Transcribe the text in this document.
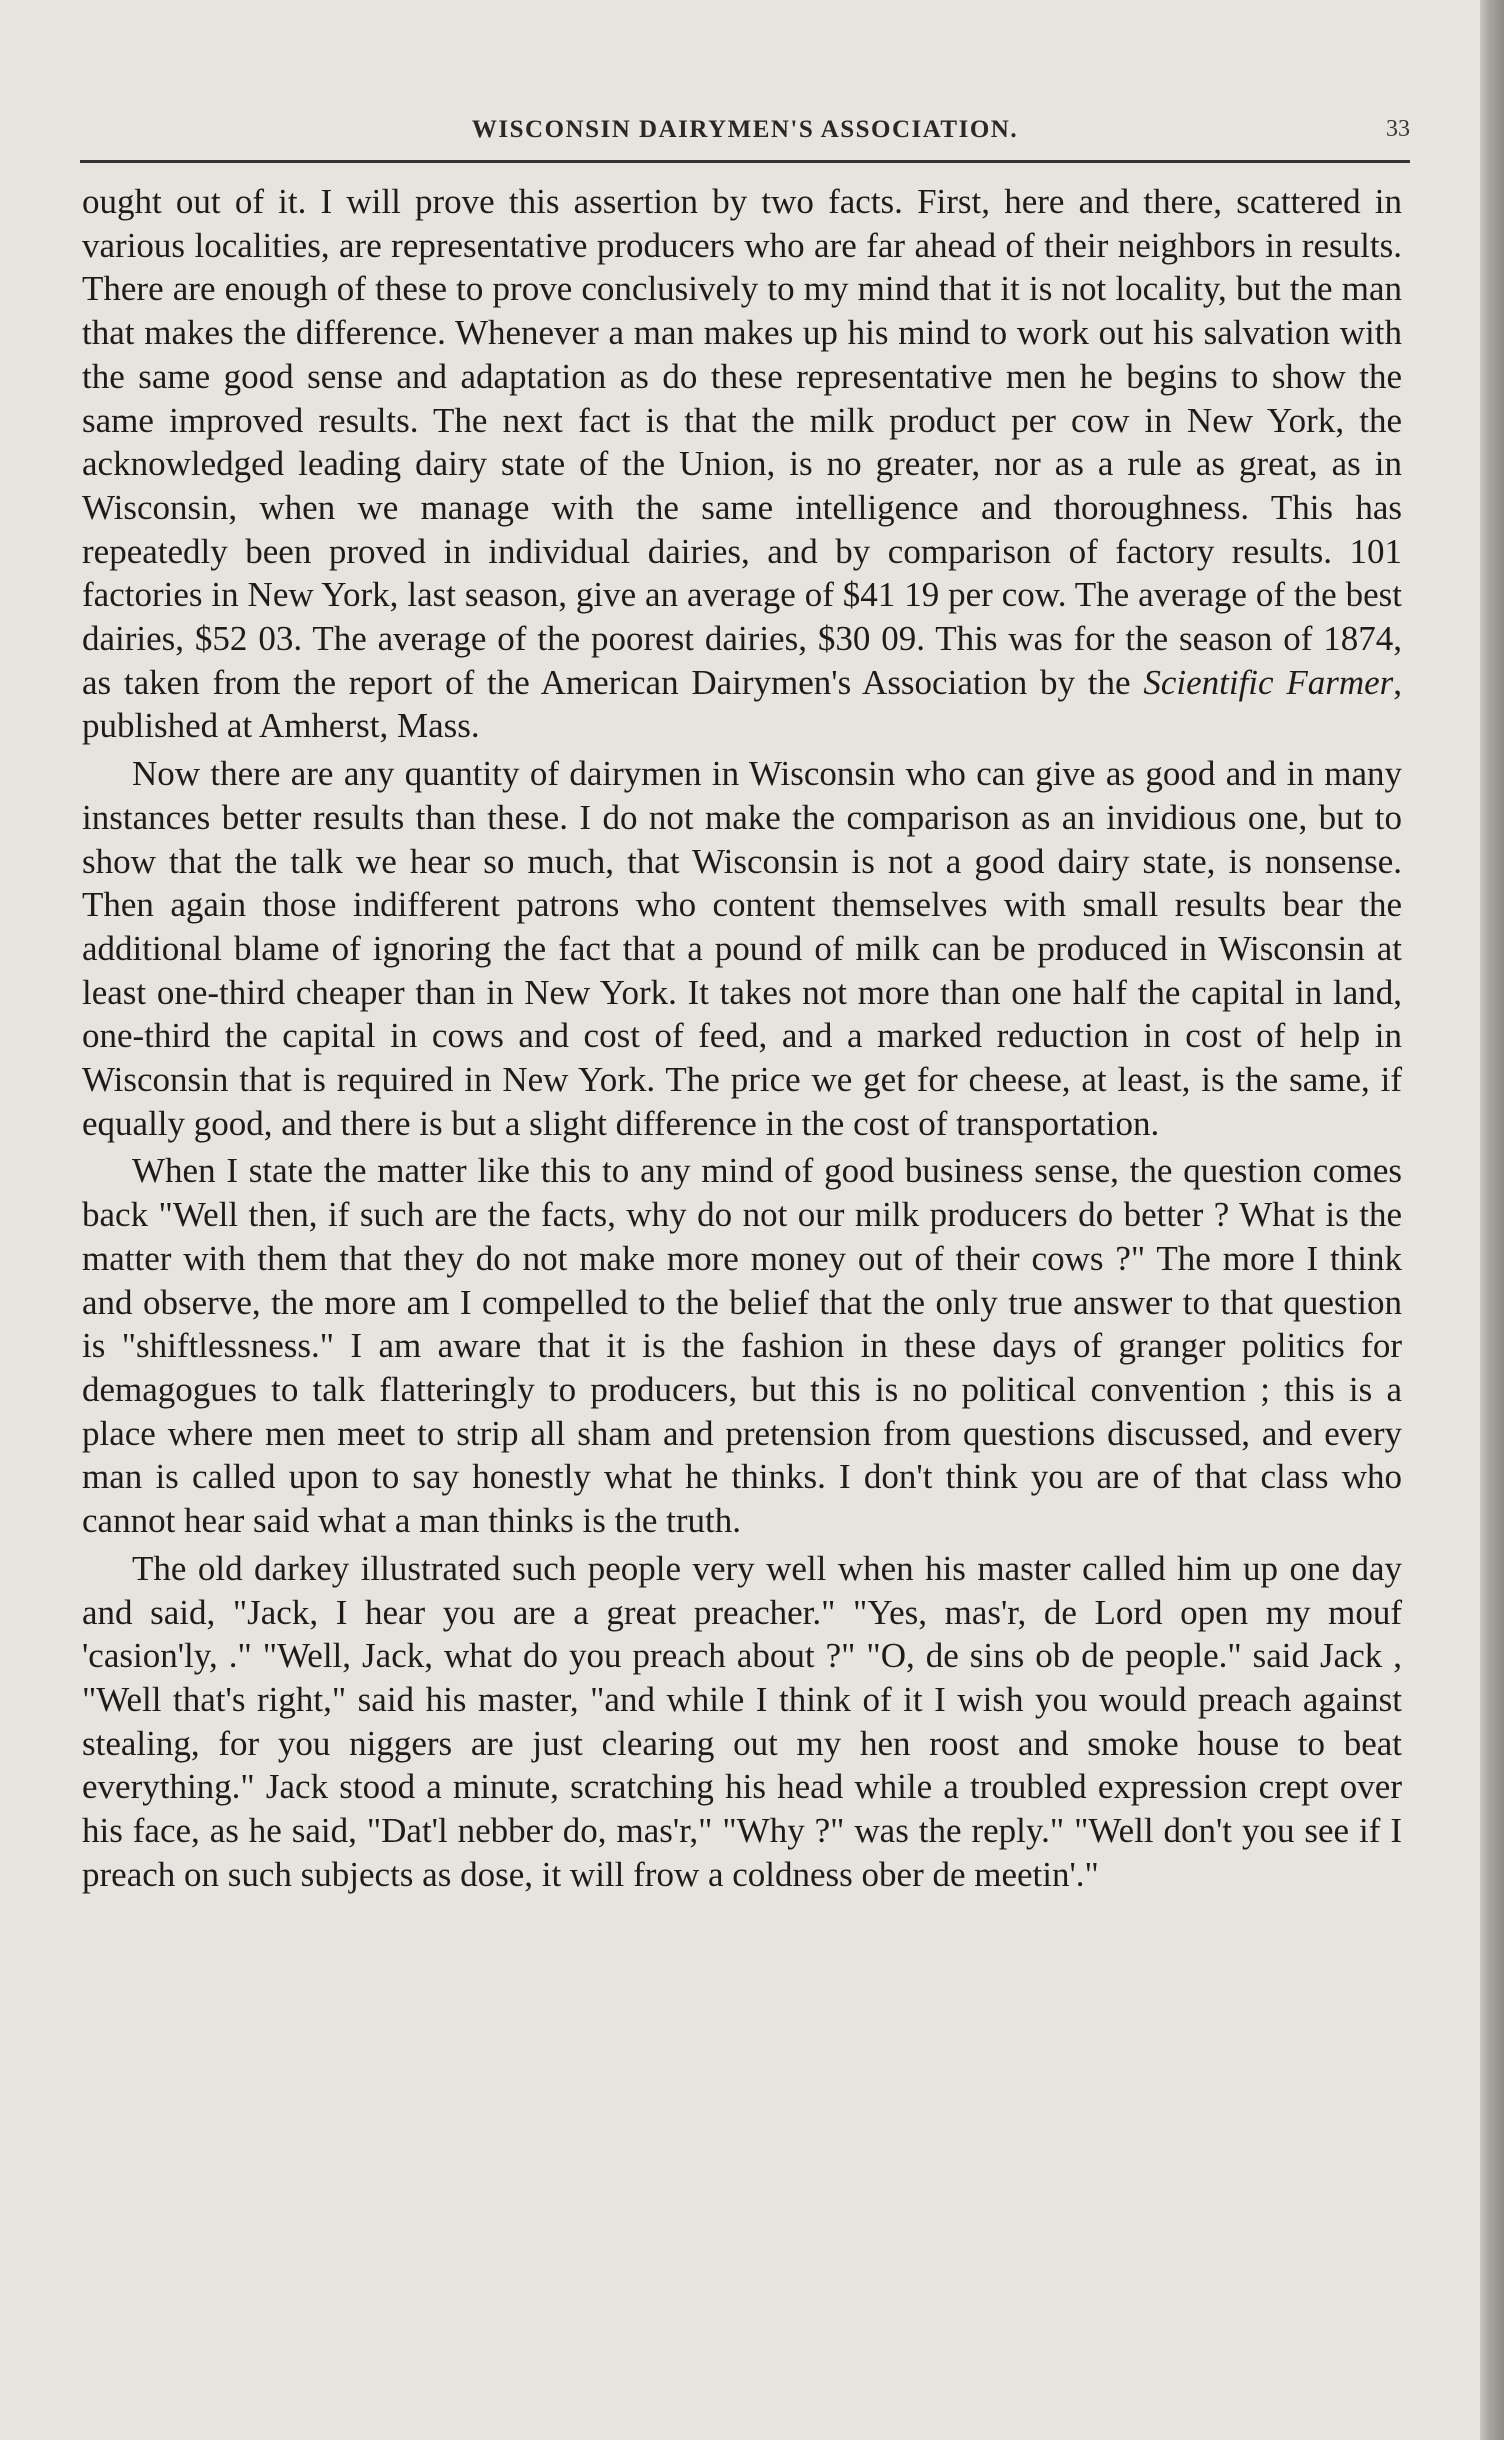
WISCONSIN DAIRYMEN'S ASSOCIATION.	33

ought out of it. I will prove this assertion by two facts. First, here and there, scattered in various localities, are representative producers who are far ahead of their neighbors in results. There are enough of these to prove conclusively to my mind that it is not locality, but the man that makes the difference. Whenever a man makes up his mind to work out his salvation with the same good sense and adaptation as do these representative men he begins to show the same improved results. The next fact is that the milk product per cow in New York, the acknowledged leading dairy state of the Union, is no greater, nor as a rule as great, as in Wisconsin, when we manage with the same intelligence and thoroughness. This has repeatedly been proved in individual dairies, and by comparison of factory results. 101 factories in New York, last season, give an average of $41 19 per cow. The average of the best dairies, $52 03. The average of the poorest dairies, $30 09. This was for the season of 1874, as taken from the report of the American Dairymen's Association by the Scientific Farmer, published at Amherst, Mass.

Now there are any quantity of dairymen in Wisconsin who can give as good and in many instances better results than these. I do not make the comparison as an invidious one, but to show that the talk we hear so much, that Wisconsin is not a good dairy state, is nonsense. Then again those indifferent patrons who content themselves with small results bear the additional blame of ignoring the fact that a pound of milk can be produced in Wisconsin at least one-third cheaper than in New York. It takes not more than one half the capital in land, one-third the capital in cows and cost of feed, and a marked reduction in cost of help in Wisconsin that is required in New York. The price we get for cheese, at least, is the same, if equally good, and there is but a slight difference in the cost of transportation.

When I state the matter like this to any mind of good business sense, the question comes back "Well then, if such are the facts, why do not our milk producers do better ? What is the matter with them that they do not make more money out of their cows ?" The more I think and observe, the more am I compelled to the belief that the only true answer to that question is "shiftlessness." I am aware that it is the fashion in these days of granger politics for demagogues to talk flatteringly to producers, but this is no political convention ; this is a place where men meet to strip all sham and pretension from questions discussed, and every man is called upon to say honestly what he thinks. I don't think you are of that class who cannot hear said what a man thinks is the truth.

The old darkey illustrated such people very well when his master called him up one day and said, "Jack, I hear you are a great preacher." "Yes, mas'r, de Lord open my mouf 'casion'ly, ." "Well, Jack, what do you preach about ?" "O, de sins ob de people." said Jack , "Well that's right," said his master, "and while I think of it I wish you would preach against stealing, for you niggers are just clearing out my hen roost and smoke house to beat everything." Jack stood a minute, scratching his head while a troubled expression crept over his face, as he said, "Dat'l nebber do, mas'r," "Why ?" was the reply." "Well don't you see if I preach on such subjects as dose, it will frow a coldness ober de meetin'."
